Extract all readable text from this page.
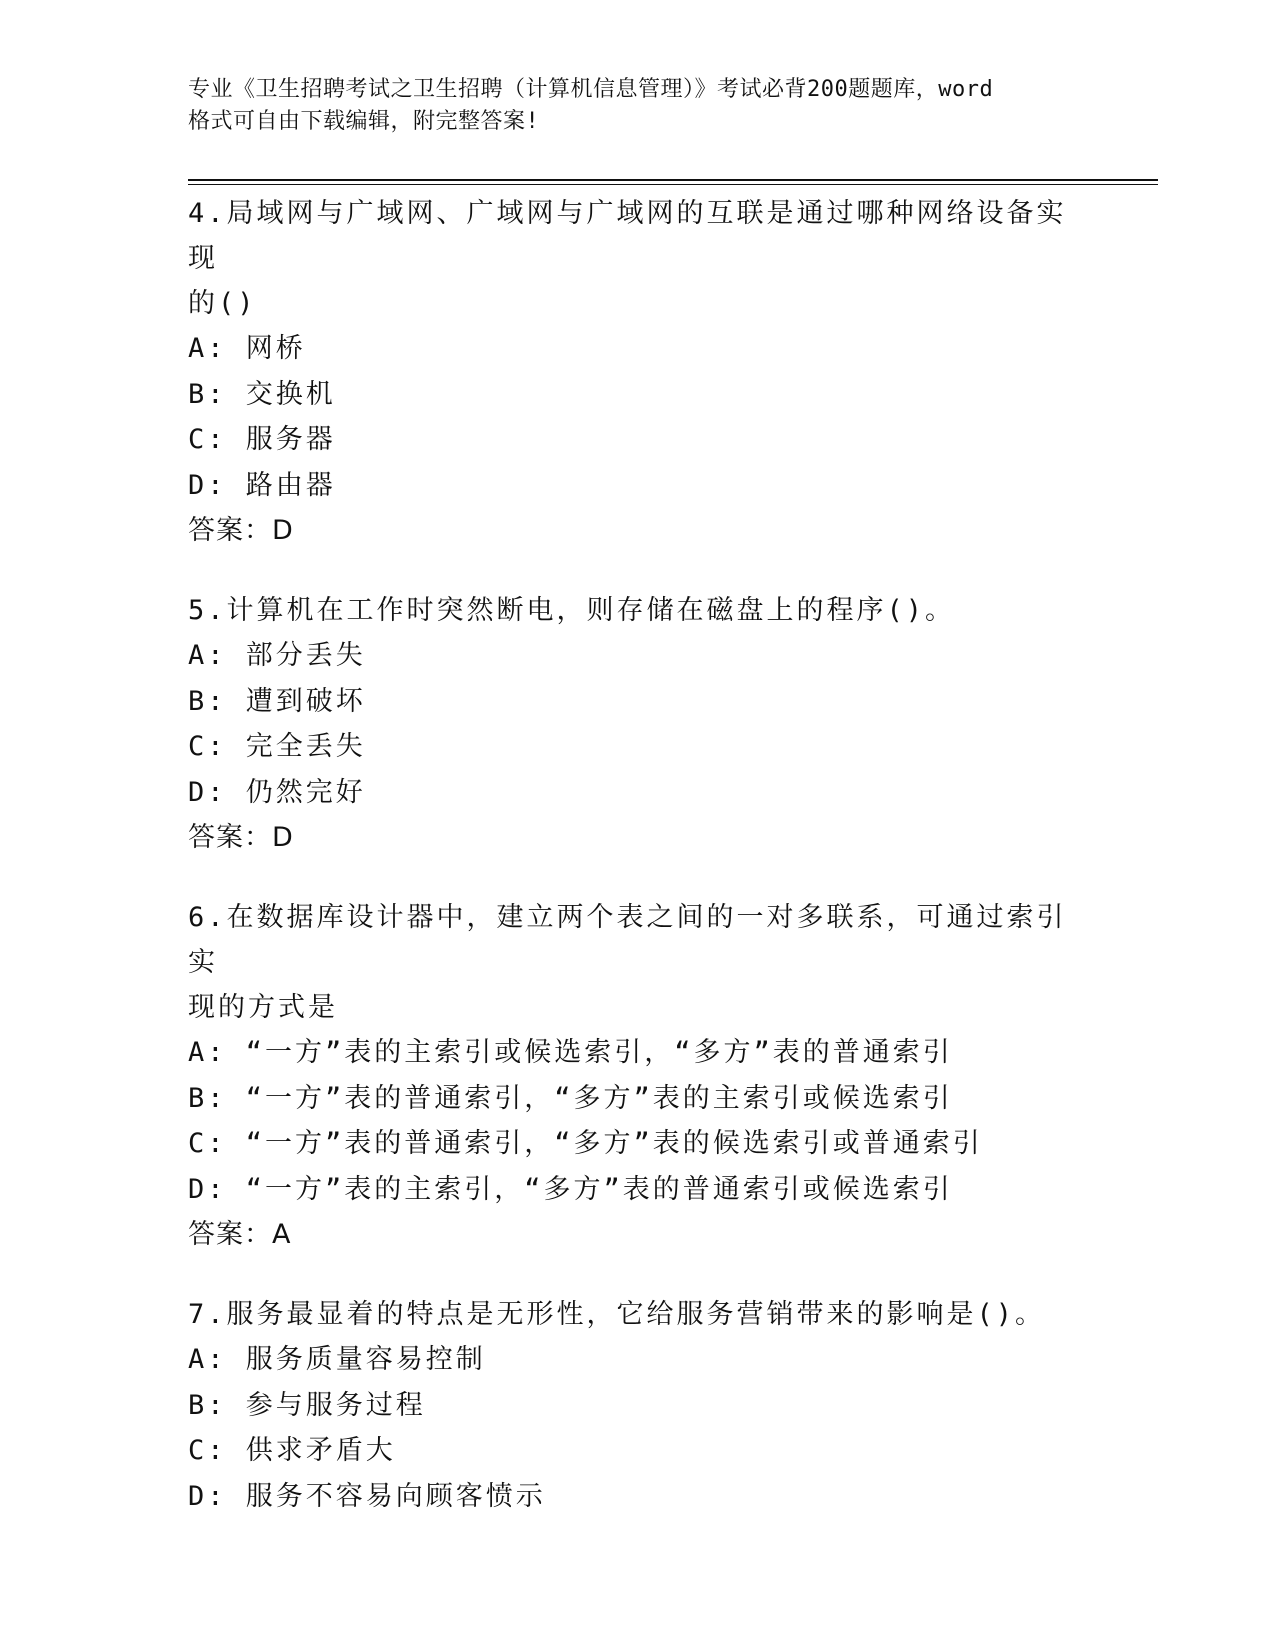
专业《卫生招聘考试之卫生招聘（计算机信息管理）》考试必背200题题库，word
格式可自由下载编辑，附完整答案!
4.局域网与广域网、广域网与广域网的互联是通过哪种网络设备实现
的()
A: 网桥
B: 交换机
C: 服务器
D: 路由器
答案：D
5.计算机在工作时突然断电，则存储在磁盘上的程序()。
A: 部分丢失
B: 遭到破坏
C: 完全丢失
D: 仍然完好
答案：D
6.在数据库设计器中，建立两个表之间的一对多联系，可通过索引实
现的方式是
A: “一方”表的主索引或候选索引，“多方”表的普通索引
B: “一方”表的普通索引，“多方”表的主索引或候选索引
C: “一方”表的普通索引，“多方”表的候选索引或普通索引
D: “一方”表的主索引，“多方”表的普通索引或候选索引
答案：A
7.服务最显着的特点是无形性，它给服务营销带来的影响是()。
A: 服务质量容易控制
B: 参与服务过程
C: 供求矛盾大
D: 服务不容易向顾客愤示
